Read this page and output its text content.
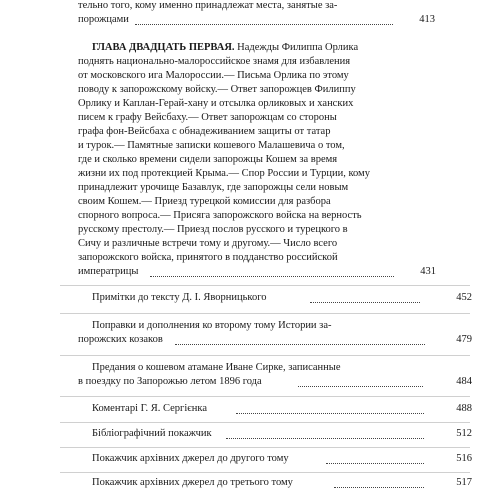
тельно того, кому именно принадлежат места, занятые за-
порожцами	413
ГЛАВА ДВАДЦАТЬ ПЕРВАЯ. Надежды Филиппа Орлика
поднять национально-малороссийское знамя для избавления
от московского ига Малороссии.— Письма Орлика по этому
поводу к запорожскому войску.— Ответ запорожцев Филиппу
Орлику и Каплан-Герай-хану и отсылка орликовых и ханских
писем к графу Вейсбаху.— Ответ запорожцам со стороны
графа фон-Вейсбаха с обнадеживанием защиты от татар
и турок.— Памятные записки кошевого Малашевича о том,
где и сколько времени сидели запорожцы Кошем за время
жизни их под протекцией Крыма.— Спор России и Турции, кому
принадлежит урочище Базавлук, где запорожцы сели новым
своим Кошем.— Приезд турецкой комиссии для разбора
спорного вопроса.— Присяга запорожского войска на верность
русскому престолу.— Приезд послов русского и турецкого в
Сичу и различные встречи тому и другому.— Число всего
запорожского войска, принятого в подданство российской
императрицы	431
Примітки до тексту Д. І. Яворницького	452
Поправки и дополнения ко второму тому Истории за-
порожских козаков	479
Предания о кошевом атамане Иване Сирке, записанные
в поездку по Запорожью летом 1896 года	484
Коментарі Г. Я. Сергієнка	488
Бібліографічний покажчик	512
Покажчик архівних джерел до другого тому	516
Покажчик архівних джерел до третього тому	517
